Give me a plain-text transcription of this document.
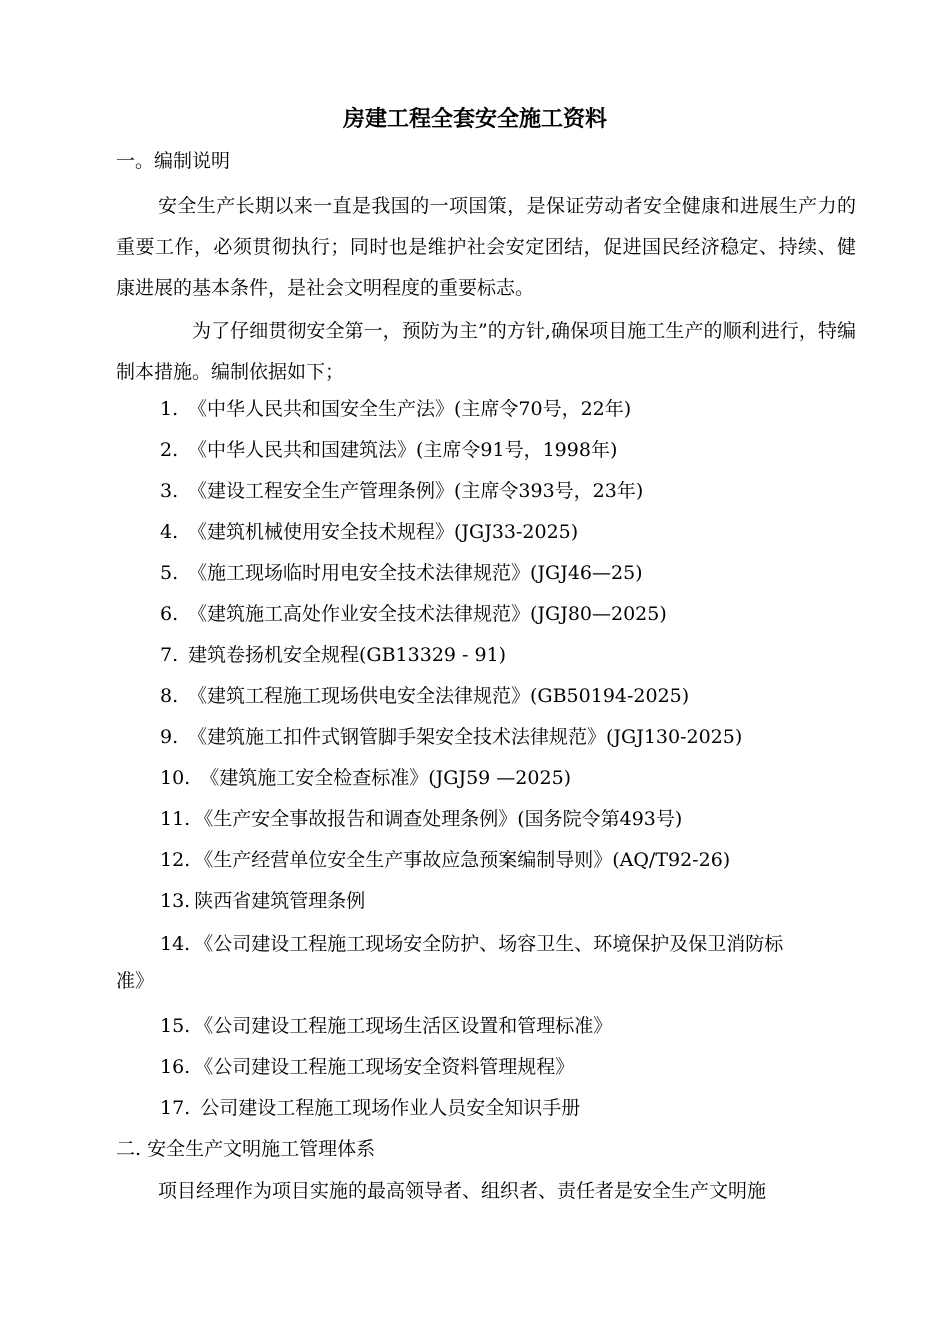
房建工程全套安全施工资料

一。编制说明

安全生产长期以来一直是我国的一项国策，是保证劳动者安全健康和进展生产力的重要工作，必须贯彻执行；同时也是维护社会安定团结，促进国民经济稳定、持续、健康进展的基本条件，是社会文明程度的重要标志。

为了仔细贯彻安全第一，预防为主”的方针,确保项目施工生产的顺利进行，特编制本措施。编制依据如下；

1. 《中华人民共和国安全生产法》(主席令70号，22年)

2. 《中华人民共和国建筑法》(主席令91号，1998年)

3. 《建设工程安全生产管理条例》(主席令393号，23年)

4. 《建筑机械使用安全技术规程》(JGJ33-2025)

5. 《施工现场临时用电安全技术法律规范》(JGJ46—25)

6. 《建筑施工高处作业安全技术法律规范》(JGJ80—2025)

7. 建筑卷扬机安全规程(GB13329 - 91)

8. 《建筑工程施工现场供电安全法律规范》(GB50194-2025)

9. 《建筑施工扣件式钢管脚手架安全技术法律规范》(JGJ130-2025)

10. 《建筑施工安全检查标准》(JGJ59 —2025)

11. 《生产安全事故报告和调查处理条例》(国务院令第493号)

12. 《生产经营单位安全生产事故应急预案编制导则》(AQ/T92-26)

13. 陕西省建筑管理条例

14. 《公司建设工程施工现场安全防护、场容卫生、环境保护及保卫消防标

准》

15. 《公司建设工程施工现场生活区设置和管理标准》

16. 《公司建设工程施工现场安全资料管理规程》

17. 公司建设工程施工现场作业人员安全知识手册

二. 安全生产文明施工管理体系

项目经理作为项目实施的最高领导者、组织者、责任者是安全生产文明施
